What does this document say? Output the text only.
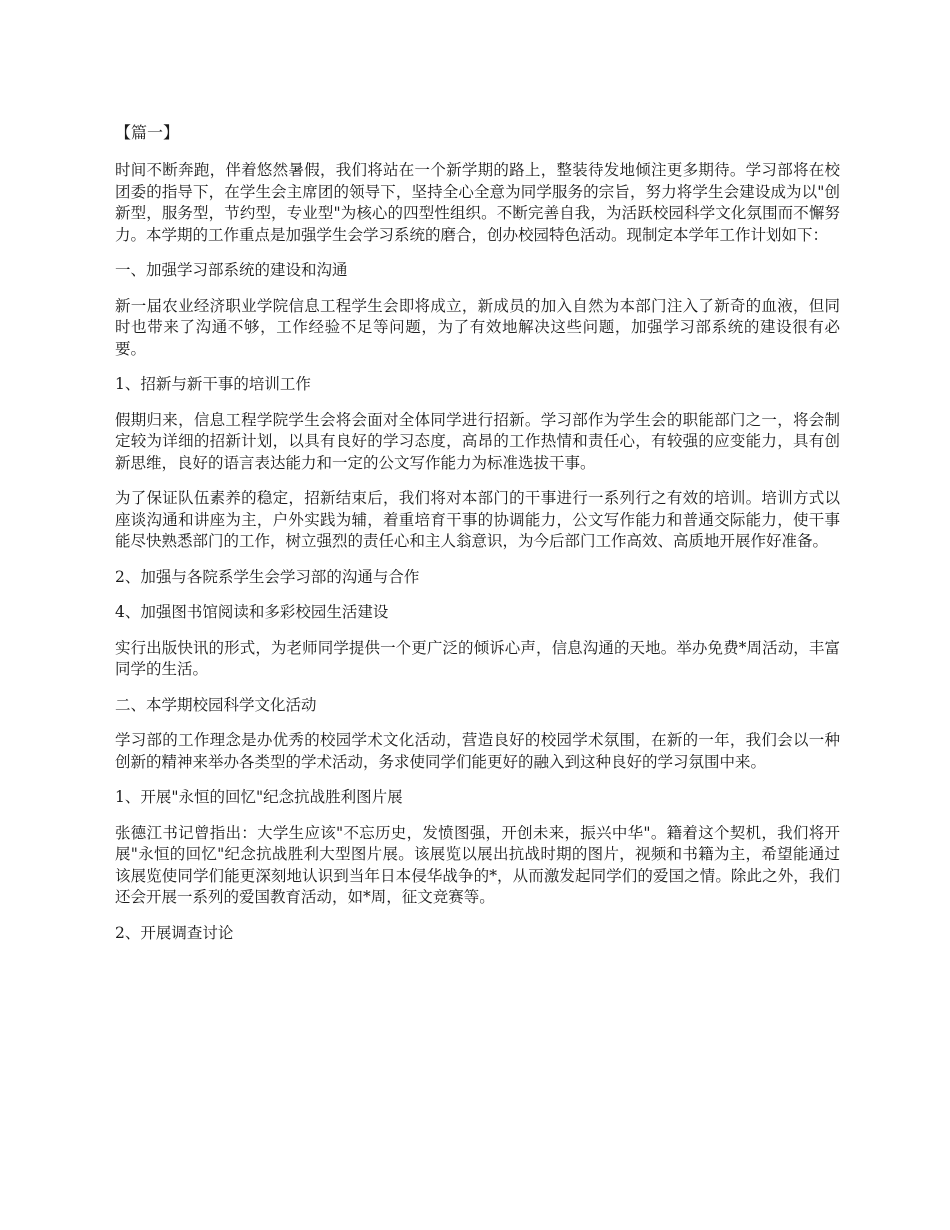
【篇一】
时间不断奔跑，伴着悠然暑假，我们将站在一个新学期的路上，整装待发地倾注更多期待。学习部将在校团委的指导下，在学生会主席团的领导下，坚持全心全意为同学服务的宗旨，努力将学生会建设成为以"创新型，服务型，节约型，专业型"为核心的四型性组织。不断完善自我，为活跃校园科学文化氛围而不懈努力。本学期的工作重点是加强学生会学习系统的磨合，创办校园特色活动。现制定本学年工作计划如下：
一、加强学习部系统的建设和沟通
新一届农业经济职业学院信息工程学生会即将成立，新成员的加入自然为本部门注入了新奇的血液，但同时也带来了沟通不够，工作经验不足等问题，为了有效地解决这些问题，加强学习部系统的建设很有必要。
1、招新与新干事的培训工作
假期归来，信息工程学院学生会将会面对全体同学进行招新。学习部作为学生会的职能部门之一，将会制定较为详细的招新计划，以具有良好的学习态度，高昂的工作热情和责任心，有较强的应变能力，具有创新思维，良好的语言表达能力和一定的公文写作能力为标准选拔干事。
为了保证队伍素养的稳定，招新结束后，我们将对本部门的干事进行一系列行之有效的培训。培训方式以座谈沟通和讲座为主，户外实践为辅，着重培育干事的协调能力，公文写作能力和普通交际能力，使干事能尽快熟悉部门的工作，树立强烈的责任心和主人翁意识，为今后部门工作高效、高质地开展作好准备。
2、加强与各院系学生会学习部的沟通与合作
4、加强图书馆阅读和多彩校园生活建设
实行出版快讯的形式，为老师同学提供一个更广泛的倾诉心声，信息沟通的天地。举办免费*周活动，丰富同学的生活。
二、本学期校园科学文化活动
学习部的工作理念是办优秀的校园学术文化活动，营造良好的校园学术氛围，在新的一年，我们会以一种创新的精神来举办各类型的学术活动，务求使同学们能更好的融入到这种良好的学习氛围中来。
1、开展"永恒的回忆"纪念抗战胜利图片展
张德江书记曾指出：大学生应该"不忘历史，发愤图强，开创未来，振兴中华"。籍着这个契机，我们将开展"永恒的回忆"纪念抗战胜利大型图片展。该展览以展出抗战时期的图片，视频和书籍为主，希望能通过该展览使同学们能更深刻地认识到当年日本侵华战争的*，从而激发起同学们的爱国之情。除此之外，我们还会开展一系列的爱国教育活动，如*周，征文竞赛等。
2、开展调查讨论
